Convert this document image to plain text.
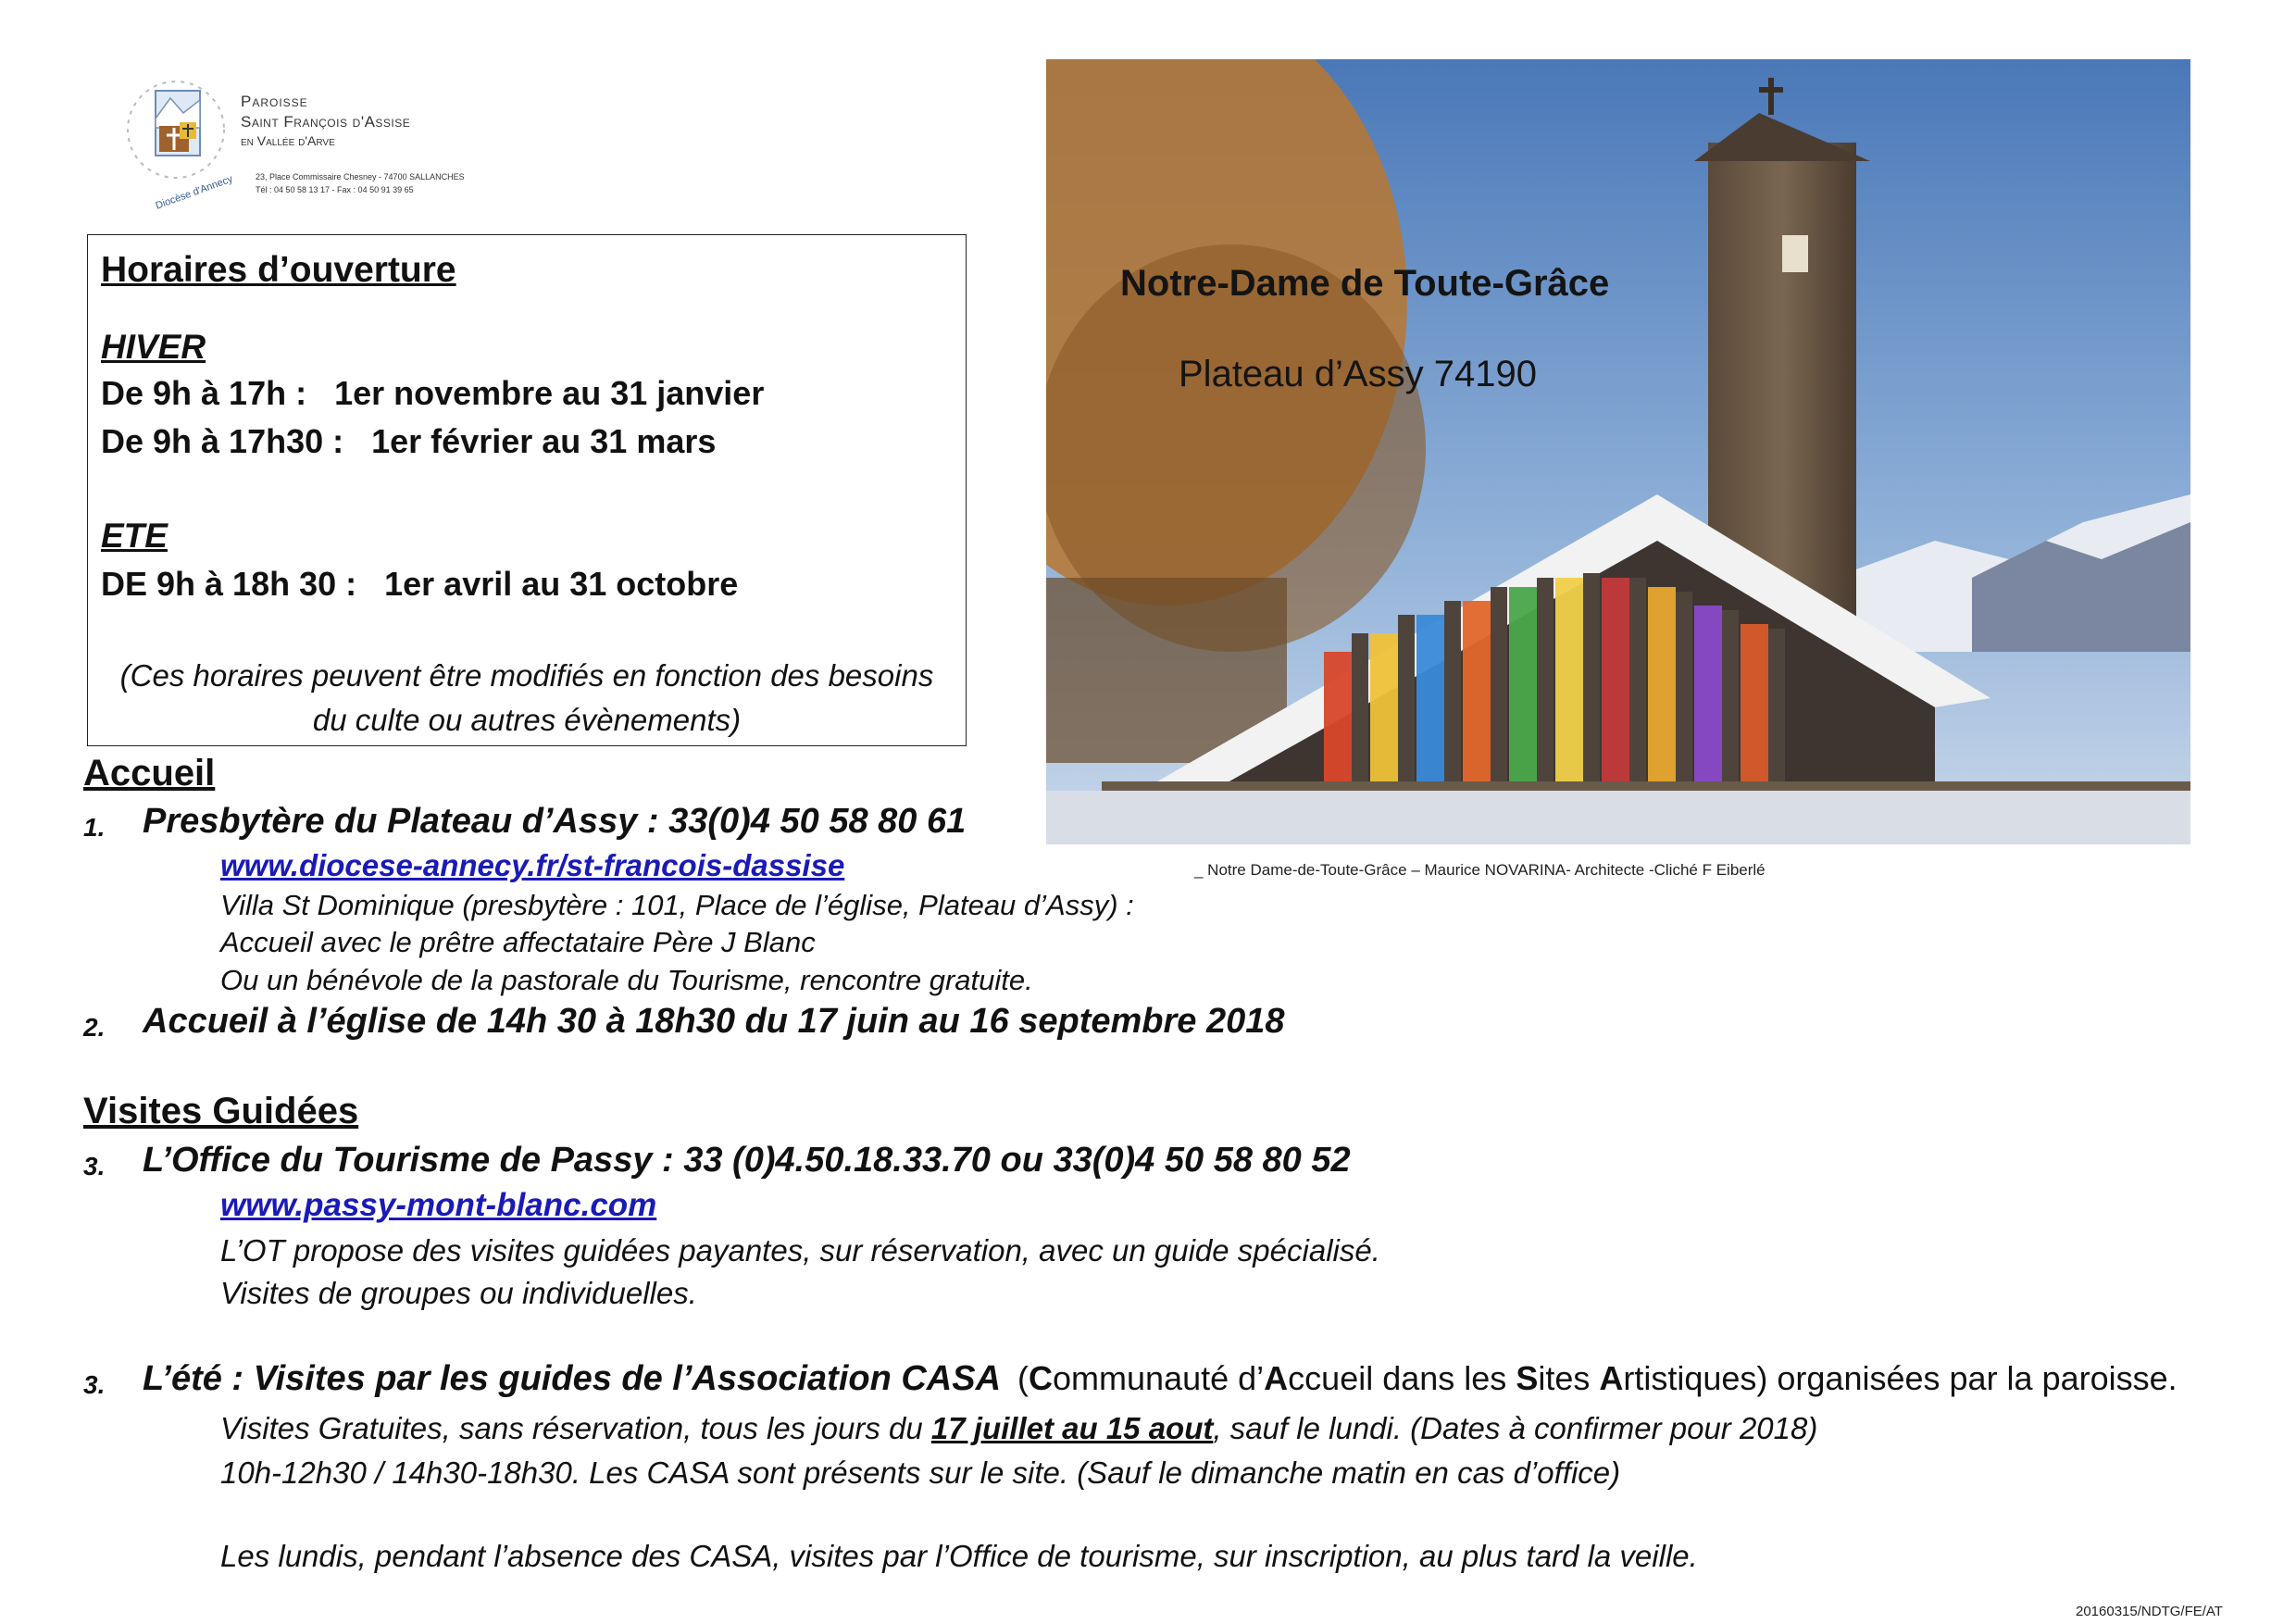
Paroisse
Saint François d'Assise
en Vallée d'Arve
23, Place Commissaire Chesney - 74700 SALLANCHES
Tél : 04 50 58 13 17 - Fax : 04 50 91 39 65
Diocèse d'Annecy
Horaires d’ouverture
HIVER
De 9h à 17h :   1er novembre au 31 janvier
De 9h à 17h30 :   1er février au 31 mars
ETE
DE 9h à 18h 30 :   1er avril au 31 octobre
(Ces horaires peuvent être modifiés en fonction des besoins
du culte ou autres évènements)
Notre-Dame de Toute-Grâce
Plateau d’Assy 74190
_ Notre Dame-de-Toute-Grâce – Maurice NOVARINA- Architecte -Cliché F Eiberlé
Accueil
1. Presbytère du Plateau d’Assy : 33(0)4 50 58 80 61
www.diocese-annecy.fr/st-francois-dassise
Villa St Dominique (presbytère : 101, Place de l’église, Plateau d’Assy) :
Accueil avec le prêtre affectataire Père J Blanc
Ou un bénévole de la pastorale du Tourisme, rencontre gratuite.
2. Accueil à l’église de 14h 30 à 18h30 du 17 juin au 16 septembre 2018
Visites Guidées
3. L’Office du Tourisme de Passy : 33 (0)4.50.18.33.70 ou 33(0)4 50 58 80 52
www.passy-mont-blanc.com
L’OT propose des visites guidées payantes, sur réservation, avec un guide spécialisé.
Visites de groupes ou individuelles.
3. L’été : Visites par les guides de l’Association CASA (Communauté d’Accueil dans les Sites Artistiques) organisées par la paroisse.
Visites Gratuites, sans réservation, tous les jours du 17 juillet au 15 aout, sauf le lundi. (Dates à confirmer pour 2018)
10h-12h30 / 14h30-18h30. Les CASA sont présents sur le site. (Sauf le dimanche matin en cas d’office)
Les lundis, pendant l’absence des CASA, visites par l’Office de tourisme, sur inscription, au plus tard la veille.
20160315/NDTG/FE/AT
